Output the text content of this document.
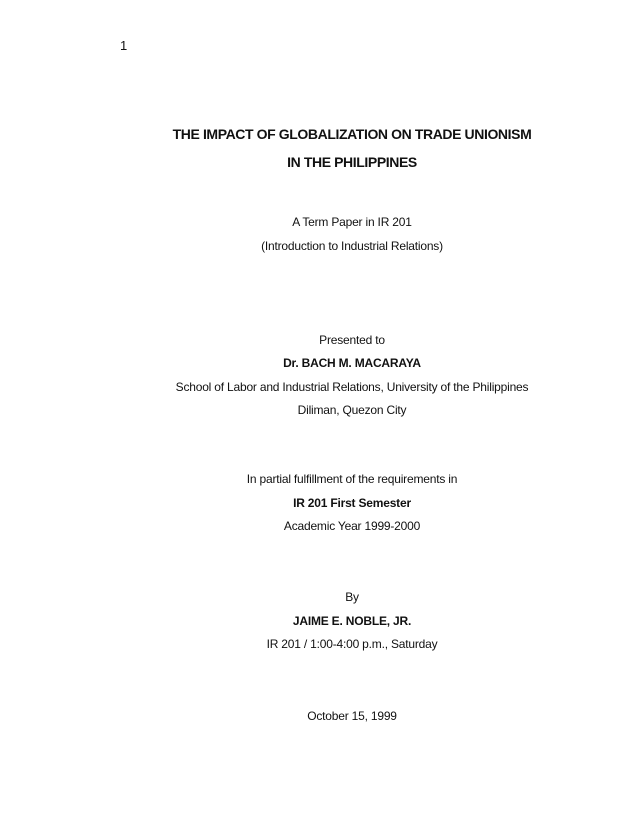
1
THE IMPACT OF GLOBALIZATION ON TRADE UNIONISM
IN THE PHILIPPINES
A Term Paper in IR 201
(Introduction to Industrial Relations)
Presented to
Dr. BACH M. MACARAYA
School of Labor and Industrial Relations, University of the Philippines
Diliman, Quezon City
In partial fulfillment of the requirements in
IR 201 First Semester
Academic Year 1999-2000
By
JAIME E. NOBLE, JR.
IR 201 / 1:00-4:00 p.m., Saturday
October 15, 1999
